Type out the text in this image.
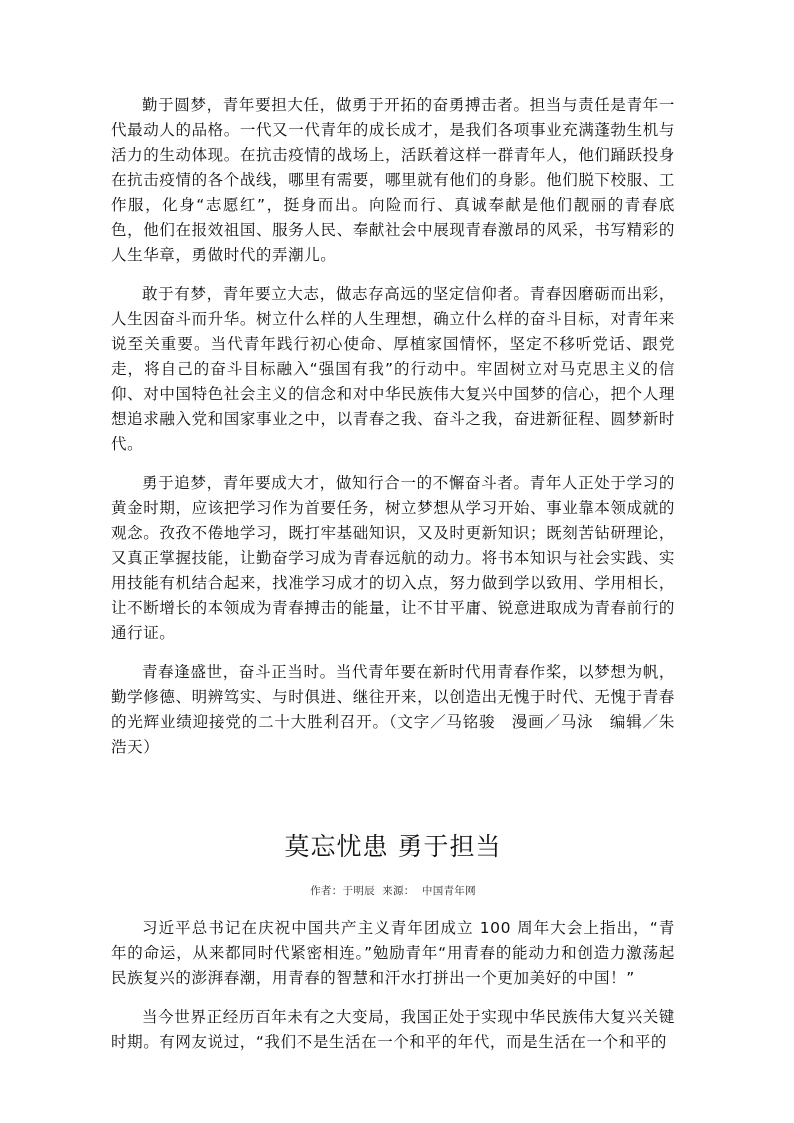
勤于圆梦，青年要担大任，做勇于开拓的奋勇搏击者。担当与责任是青年一代最动人的品格。一代又一代青年的成长成才，是我们各项事业充满蓬勃生机与活力的生动体现。在抗击疫情的战场上，活跃着这样一群青年人，他们踊跃投身在抗击疫情的各个战线，哪里有需要，哪里就有他们的身影。他们脱下校服、工作服，化身“志愿红”，挺身而出。向险而行、真诚奉献是他们靓丽的青春底色，他们在报效祖国、服务人民、奉献社会中展现青春激昂的风采，书写精彩的人生华章，勇做时代的弄潮儿。

敢于有梦，青年要立大志，做志存高远的坚定信仰者。青春因磨砺而出彩，人生因奋斗而升华。树立什么样的人生理想，确立什么样的奋斗目标，对青年来说至关重要。当代青年践行初心使命、厚植家国情怀，坚定不移听党话、跟党走，将自己的奋斗目标融入“强国有我”的行动中。牢固树立对马克思主义的信仰、对中国特色社会主义的信念和对中华民族伟大复兴中国梦的信心，把个人理想追求融入党和国家事业之中，以青春之我、奋斗之我，奋进新征程、圆梦新时代。

勇于追梦，青年要成大才，做知行合一的不懈奋斗者。青年人正处于学习的黄金时期，应该把学习作为首要任务，树立梦想从学习开始、事业靠本领成就的观念。孜孜不倦地学习，既打牢基础知识，又及时更新知识；既刻苦钻研理论，又真正掌握技能，让勤奋学习成为青春远航的动力。将书本知识与社会实践、实用技能有机结合起来，找准学习成才的切入点，努力做到学以致用、学用相长，让不断增长的本领成为青春搏击的能量，让不甘平庸、锐意进取成为青春前行的通行证。

青春逢盛世，奋斗正当时。当代青年要在新时代用青春作桨，以梦想为帆，勤学修德、明辨笃实、与时俱进、继往开来，以创造出无愧于时代、无愧于青春的光辉业绩迎接党的二十大胜利召开。（文字／马铭骏　漫画／马泳　编辑／朱浩天）

莫忘忧患 勇于担当
作者：于明辰 来源： 中国青年网

习近平总书记在庆祝中国共产主义青年团成立 100 周年大会上指出，“青年的命运，从来都同时代紧密相连。”勉励青年“用青春的能动力和创造力激荡起民族复兴的澎湃春潮，用青春的智慧和汗水打拼出一个更加美好的中国！”

当今世界正经历百年未有之大变局，我国正处于实现中华民族伟大复兴关键时期。有网友说过，“我们不是生活在一个和平的年代，而是生活在一个和平的
